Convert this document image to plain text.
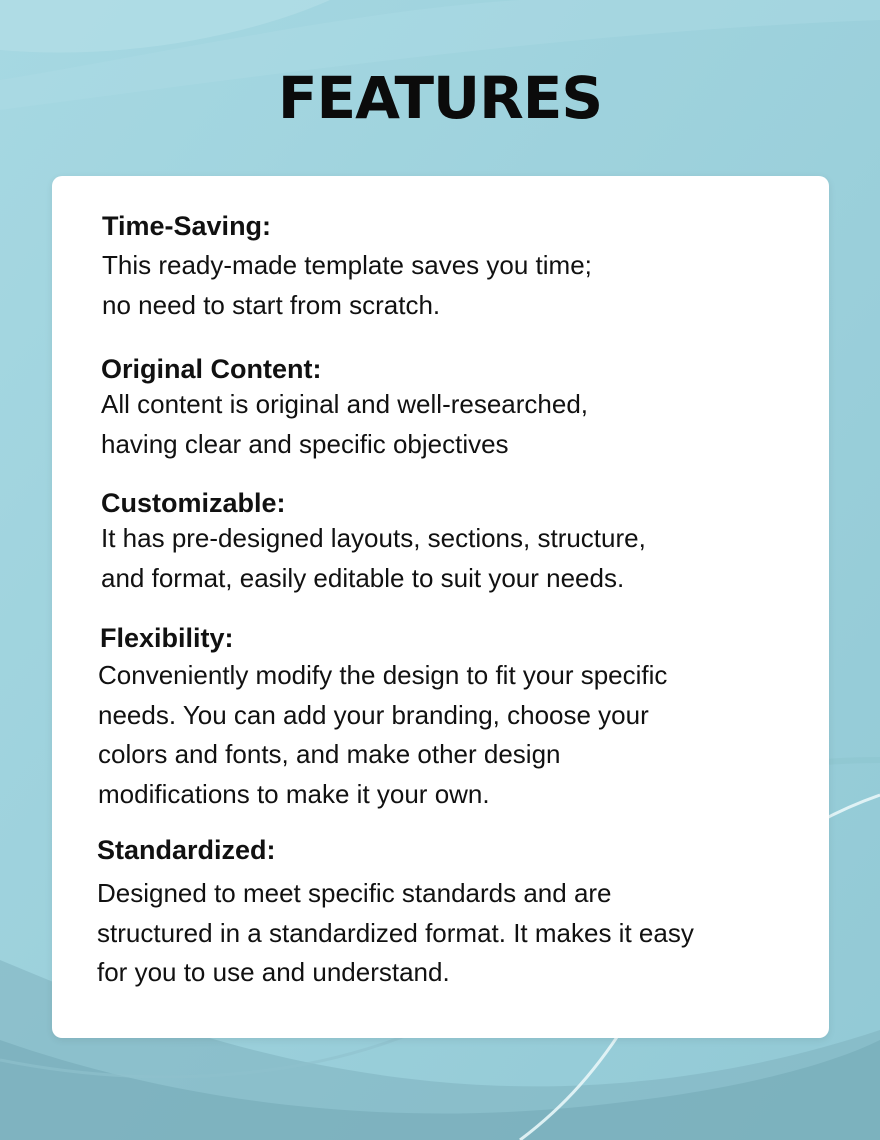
FEATURES

Time-Saving:

This ready-made template saves you time;
no need to start from scratch.

Original Content:

All content is original and well-researched,
having clear and specific objectives

Customizable:

It has pre-designed layouts, sections, structure,
and format, easily editable to suit your needs.

Flexibility:

Conveniently modify the design to fit your specific
needs. You can add your branding, choose your
colors and fonts, and make other design
modifications to make it your own.

Standardized:

Designed to meet specific standards and are
structured in a standardized format. It makes it easy
for you to use and understand.
